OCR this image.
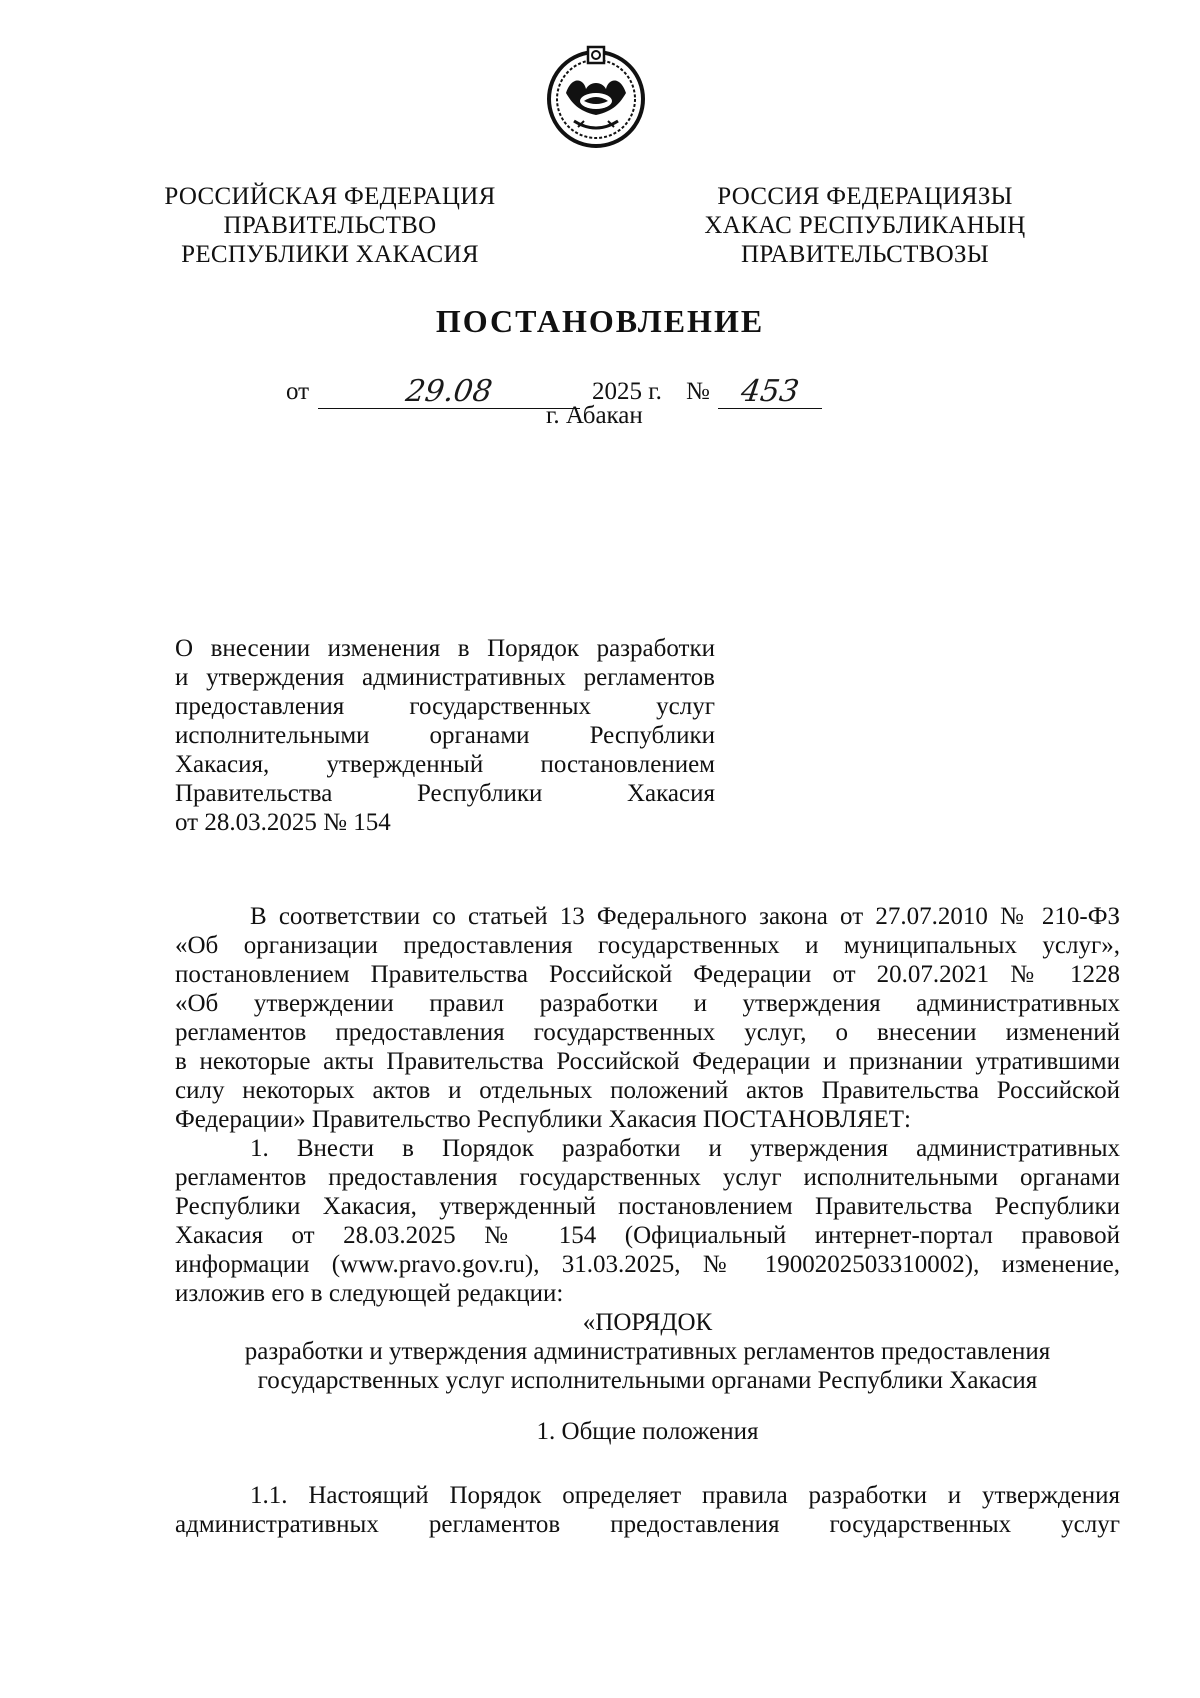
РОССИЙСКАЯ ФЕДЕРАЦИЯ
ПРАВИТЕЛЬСТВО
РЕСПУБЛИКИ ХАКАСИЯ
РОССИЯ ФЕДЕРАЦИЯЗЫ
ХАКАС РЕСПУБЛИКАНЫҢ
ПРАВИТЕЛЬСТВОЗЫ
ПОСТАНОВЛЕНИЕ
от	29.08	2025 г. № 453
г. Абакан
О внесении изменения в Порядок разработки
и утверждения административных регламентов
предоставления государственных услуг
исполнительными органами Республики
Хакасия, утвержденный постановлением
Правительства Республики Хакасия
от 28.03.2025 № 154
В соответствии со статьей 13 Федерального закона от 27.07.2010 № 210-ФЗ
«Об организации предоставления государственных и муниципальных услуг»,
постановлением Правительства Российской Федерации от 20.07.2021 № 1228
«Об утверждении правил разработки и утверждения административных
регламентов предоставления государственных услуг, о внесении изменений
в некоторые акты Правительства Российской Федерации и признании утратившими
силу некоторых актов и отдельных положений актов Правительства Российской
Федерации» Правительство Республики Хакасия ПОСТАНОВЛЯЕТ:
1. Внести в Порядок разработки и утверждения административных
регламентов предоставления государственных услуг исполнительными органами
Республики Хакасия, утвержденный постановлением Правительства Республики
Хакасия от 28.03.2025 № 154 (Официальный интернет-портал правовой
информации (www.pravo.gov.ru), 31.03.2025, № 1900202503310002), изменение,
изложив его в следующей редакции:
«ПОРЯДОК
разработки и утверждения административных регламентов предоставления
государственных услуг исполнительными органами Республики Хакасия
1. Общие положения
1.1. Настоящий Порядок определяет правила разработки и утверждения
административных регламентов предоставления государственных услуг
